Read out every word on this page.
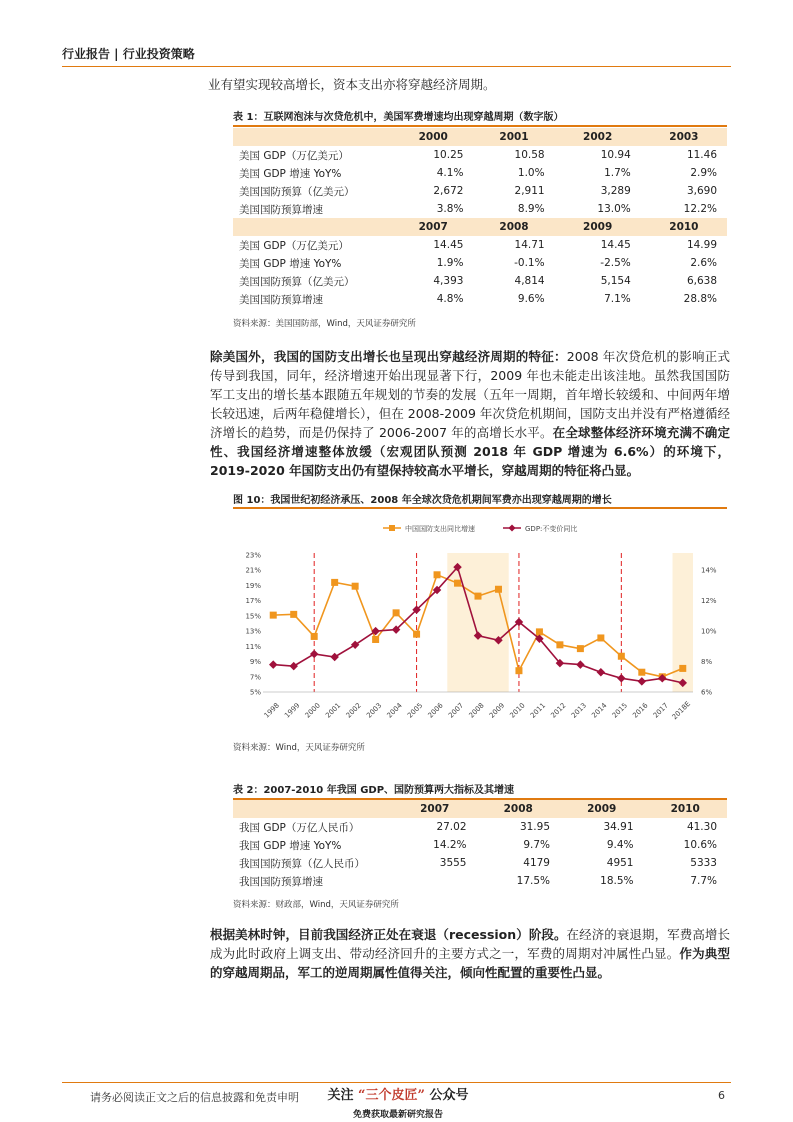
行业报告 | 行业投资策略
业有望实现较高增长，资本支出亦将穿越经济周期。
表 1：互联网泡沫与次贷危机中，美国军费增速均出现穿越周期（数字版）
	2000	2001	2002	2003
美国 GDP（万亿美元）	10.25	10.58	10.94	11.46
美国 GDP 增速 YoY%	4.1%	1.0%	1.7%	2.9%
美国国防预算（亿美元）	2,672	2,911	3,289	3,690
美国国防预算增速	3.8%	8.9%	13.0%	12.2%
	2007	2008	2009	2010
美国 GDP（万亿美元）	14.45	14.71	14.45	14.99
美国 GDP 增速 YoY%	1.9%	-0.1%	-2.5%	2.6%
美国国防预算（亿美元）	4,393	4,814	5,154	6,638
美国国防预算增速	4.8%	9.6%	7.1%	28.8%
资料来源：美国国防部，Wind，天风证券研究所
除美国外，我国的国防支出增长也呈现出穿越经济周期的特征：2008 年次贷危机的影响正式传导到我国，同年，经济增速开始出现显著下行，2009 年也未能走出该洼地。虽然我国国防军工支出的增长基本跟随五年规划的节奏的发展（五年一周期，首年增长较缓和、中间两年增长较迅速，后两年稳健增长），但在 2008-2009 年次贷危机期间，国防支出并没有严格遵循经济增长的趋势，而是仍保持了 2006-2007 年的高增长水平。在全球整体经济环境充满不确定性、我国经济增速整体放缓（宏观团队预测 2018 年 GDP 增速为 6.6%）的环境下，2019-2020 年国防支出仍有望保持较高水平增长，穿越周期的特征将凸显。
图 10：我国世纪初经济承压、2008 年全球次贷危机期间军费亦出现穿越周期的增长
5%
7%
9%
11%
13%
15%
17%
19%
21%
23%
6%
8%
10%
12%
14%
1998 1999 2000 2001 2002 2003 2004 2005 2006 2007 2008 2009 2010 2011 2012 2013 2014 2015 2016 2017 2018E
中国国防支出同比增速	GDP:不变价同比
资料来源：Wind，天风证券研究所
表 2：2007-2010 年我国 GDP、国防预算两大指标及其增速
	2007	2008	2009	2010
我国 GDP（万亿人民币）	27.02	31.95	34.91	41.30
我国 GDP 增速 YoY%	14.2%	9.7%	9.4%	10.6%
我国国防预算（亿人民币）	3555	4179	4951	5333
我国国防预算增速		17.5%	18.5%	7.7%
资料来源：财政部，Wind，天风证券研究所
根据美林时钟，目前我国经济正处在衰退（recession）阶段。在经济的衰退期，军费高增长成为此时政府上调支出、带动经济回升的主要方式之一，军费的周期对冲属性凸显。作为典型的穿越周期品，军工的逆周期属性值得关注，倾向性配置的重要性凸显。
请务必阅读正文之后的信息披露和免责申明	6
关注 “三个皮匠” 公众号
免费获取最新研究报告
